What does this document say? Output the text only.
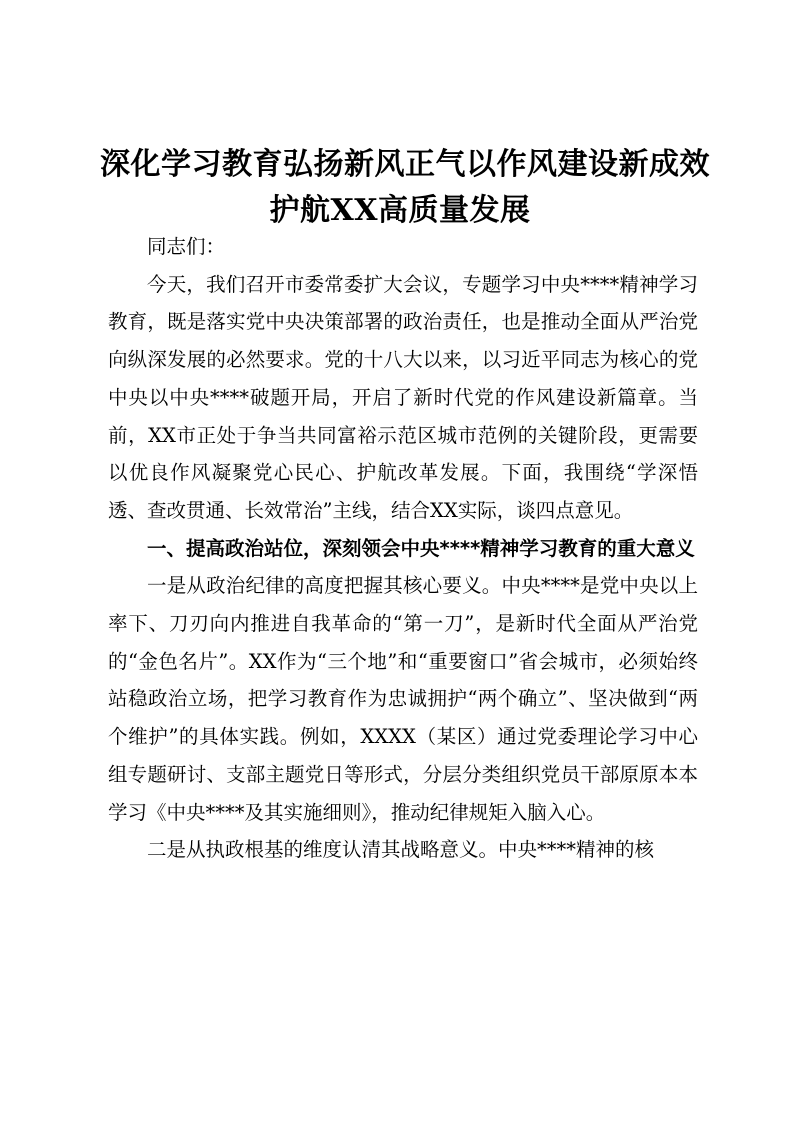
深化学习教育弘扬新风正气以作风建设新成效
护航XX高质量发展

同志们：

今天，我们召开市委常委扩大会议，专题学习中央****精神学习教育，既是落实党中央决策部署的政治责任，也是推动全面从严治党向纵深发展的必然要求。党的十八大以来，以习近平同志为核心的党中央以中央****破题开局，开启了新时代党的作风建设新篇章。当前，XX市正处于争当共同富裕示范区城市范例的关键阶段，更需要以优良作风凝聚党心民心、护航改革发展。下面，我围绕“学深悟透、查改贯通、长效常治”主线，结合XX实际，谈四点意见。

一、提高政治站位，深刻领会中央****精神学习教育的重大意义

一是从政治纪律的高度把握其核心要义。中央****是党中央以上率下、刀刃向内推进自我革命的“第一刀”，是新时代全面从严治党的“金色名片”。XX作为“三个地”和“重要窗口”省会城市，必须始终站稳政治立场，把学习教育作为忠诚拥护“两个确立”、坚决做到“两个维护”的具体实践。例如，XXXX（某区）通过党委理论学习中心组专题研讨、支部主题党日等形式，分层分类组织党员干部原原本本学习《中央****及其实施细则》，推动纪律规矩入脑入心。

二是从执政根基的维度认清其战略意义。中央****精神的核
